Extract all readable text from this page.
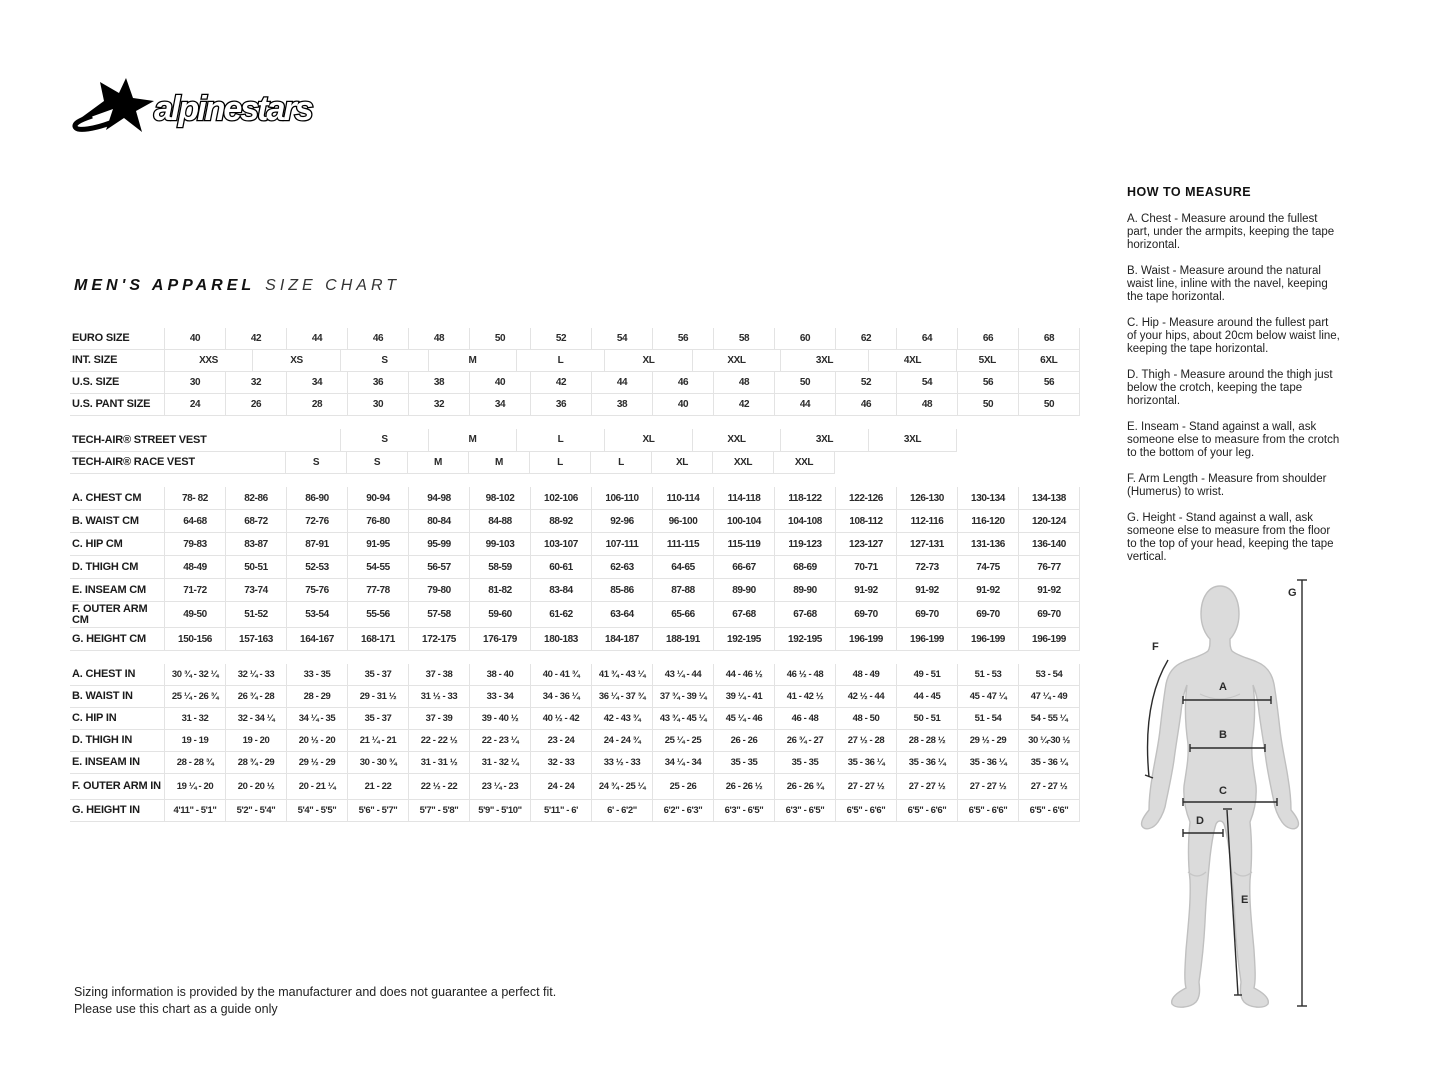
alpinestars
MEN'S APPAREL SIZE CHART
EURO SIZE	40	42	44	46	48	50	52	54	56	58	60	62	64	66	68
INT. SIZE	XXS	XS	S	M	L	XL	XXL	3XL	4XL	5XL	6XL
U.S. SIZE	30	32	34	36	38	40	42	44	46	48	50	52	54	56	56
U.S. PANT SIZE	24	26	28	30	32	34	36	38	40	42	44	46	48	50	50
TECH-AIR® STREET VEST	S	M	L	XL	XXL	3XL	3XL
TECH-AIR® RACE VEST	S	S	M	M	L	L	XL	XXL	XXL
A. CHEST CM	78- 82	82-86	86-90	90-94	94-98	98-102	102-106	106-110	110-114	114-118	118-122	122-126	126-130	130-134	134-138
B. WAIST CM	64-68	68-72	72-76	76-80	80-84	84-88	88-92	92-96	96-100	100-104	104-108	108-112	112-116	116-120	120-124
C. HIP CM	79-83	83-87	87-91	91-95	95-99	99-103	103-107	107-111	111-115	115-119	119-123	123-127	127-131	131-136	136-140
D. THIGH CM	48-49	50-51	52-53	54-55	56-57	58-59	60-61	62-63	64-65	66-67	68-69	70-71	72-73	74-75	76-77
E. INSEAM CM	71-72	73-74	75-76	77-78	79-80	81-82	83-84	85-86	87-88	89-90	89-90	91-92	91-92	91-92	91-92
F. OUTER ARM CM	49-50	51-52	53-54	55-56	57-58	59-60	61-62	63-64	65-66	67-68	67-68	69-70	69-70	69-70	69-70
G. HEIGHT CM	150-156	157-163	164-167	168-171	172-175	176-179	180-183	184-187	188-191	192-195	192-195	196-199	196-199	196-199	196-199
A. CHEST IN	30 ¾ - 32 ¼	32 ¼ - 33	33 - 35	35 - 37	37 - 38	38 - 40	40 - 41 ¾	41 ¾ - 43 ¼	43 ¼ - 44	44 - 46 ½	46 ½ - 48	48 - 49	49 - 51	51 - 53	53 - 54
B. WAIST IN	25 ¼ - 26 ¾	26 ¾ - 28	28 - 29	29 - 31 ½	31 ½ - 33	33 - 34	34 - 36 ¼	36 ¼ - 37 ¾	37 ¾ - 39 ¼	39 ¼ - 41	41 - 42 ½	42 ½ - 44	44 - 45	45 - 47 ¼	47 ¼ - 49
C. HIP IN	31 - 32	32 - 34 ¼	34 ¼ - 35	35 - 37	37 - 39	39 - 40 ½	40 ½ - 42	42 - 43 ¾	43 ¾ - 45 ¼	45 ¼ - 46	46 - 48	48 - 50	50 - 51	51 - 54	54 - 55 ¼
D. THIGH IN	19 - 19	19 - 20	20 ½ - 20	21 ¼ - 21	22 - 22 ½	22 - 23 ¼	23 - 24	24 - 24 ¾	25 ¼ - 25	26 - 26	26 ¾ - 27	27 ½ - 28	28 - 28 ½	29 ½ - 29	30 ¼-30 ½
E. INSEAM IN	28 - 28 ¾	28 ¾ - 29	29 ½ - 29	30 - 30 ¾	31 - 31 ½	31 - 32 ¼	32 - 33	33 ½ - 33	34 ¼ - 34	35 - 35	35 - 35	35 - 36 ¼	35 - 36 ¼	35 - 36 ¼	35 - 36 ¼
F. OUTER ARM IN	19 ¼ - 20	20 - 20 ½	20 - 21 ¼	21 - 22	22 ½ - 22	23 ¼ - 23	24 - 24	24 ¾ - 25 ¼	25 - 26	26 - 26 ½	26 - 26 ¾	27 - 27 ½	27 - 27 ½	27 - 27 ½	27 - 27 ½
G. HEIGHT IN	4'11" - 5'1"	5'2" - 5'4"	5'4" - 5'5"	5'6" - 5'7"	5'7" - 5'8"	5'9" - 5'10"	5'11" - 6'	6' - 6'2"	6'2" - 6'3"	6'3" - 6'5"	6'3" - 6'5"	6'5" - 6'6"	6'5" - 6'6"	6'5" - 6'6"	6'5" - 6'6"
HOW TO MEASURE

A. Chest - Measure around the fullest part, under the armpits, keeping the tape horizontal.

B. Waist - Measure around the natural waist line, inline with the navel, keeping the tape horizontal.

C. Hip - Measure around the fullest part of your hips, about 20cm below waist line, keeping the tape horizontal.

D. Thigh - Measure around the thigh just below the crotch, keeping the tape horizontal.

E. Inseam - Stand against a wall, ask someone else to measure from the crotch to the bottom of your leg.

F. Arm Length - Measure from shoulder (Humerus) to wrist.

G. Height - Stand against a wall, ask someone else to measure from the floor to the top of your head, keeping the tape vertical.

A
B
C
D
E
F
G
Sizing information is provided by the manufacturer and does not guarantee a perfect fit.
Please use this chart as a guide only
